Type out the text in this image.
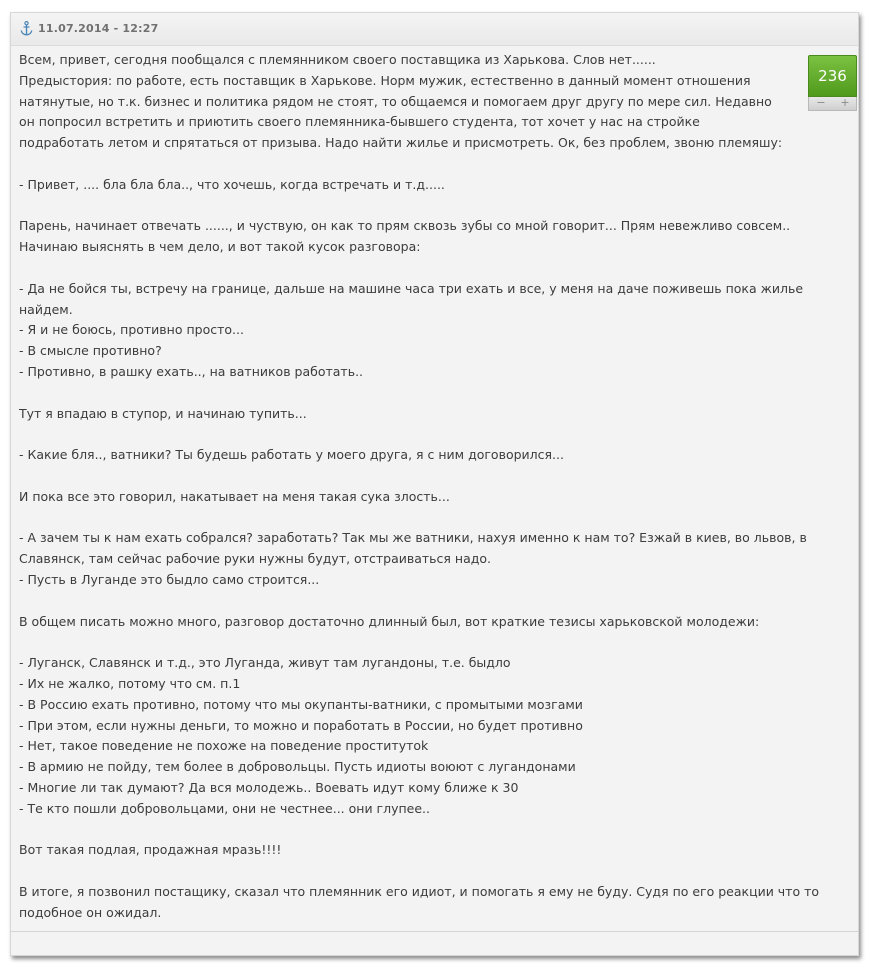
11.07.2014 - 12:27
236
−	+

Всем, привет, сегодня пообщался с племянником своего поставщика из Харькова. Слов нет......

Предыстория: по работе, есть поставщик в Харькове. Норм мужик, естественно в данный момент отношения

натянутые, но т.к. бизнес и политика рядом не стоят, то общаемся и помогаем друг другу по мере сил. Недавно

он попросил встретить и приютить своего племянника-бывшего студента, тот хочет у нас на стройке

подработать летом и спрятаться от призыва. Надо найти жилье и присмотреть. Ок, без проблем, звоню племяшу:

- Привет, .... бла бла бла.., что хочешь, когда встречать и т.д.....

Парень, начинает отвечать ......, и чуствую, он как то прям сквозь зубы со мной говорит... Прям невежливо совсем..

Начинаю выяснять в чем дело, и вот такой кусок разговора:

- Да не бойся ты, встречу на границе, дальше на машине часа три ехать и все, у меня на даче поживешь пока жилье

найдем.

- Я и не боюсь, противно просто...

- В смысле противно?

- Противно, в рашку ехать.., на ватников работать..

Тут я впадаю в ступор, и начинаю тупить...

- Какие бля.., ватники? Ты будешь работать у моего друга, я с ним договорился...

И пока все это говорил, накатывает на меня такая сука злость...

- А зачем ты к нам ехать собрался? заработать? Так мы же ватники, нахуя именно к нам то? Езжай в киев, во львов, в

Славянск, там сейчас рабочие руки нужны будут, отстраиваться надо.

- Пусть в Луганде это быдло само строится...

В общем писать можно много, разговор достаточно длинный был, вот краткие тезисы харьковской молодежи:

- Луганск, Славянск и т.д., это Луганда, живут там лугандоны, т.е. быдло

- Их не жалко, потому что см. п.1

- В Россию ехать противно, потому что мы окупанты-ватники, с промытыми мозгами

- При этом, если нужны деньги, то можно и поработать в России, но будет противно

- Нет, такое поведение не похоже на поведение проститутоk

- В армию не пойду, тем более в добровольцы. Пусть идиоты воюют с лугандонами

- Многие ли так думают? Да вся молодежь.. Воевать идут кому ближе к 30

- Те кто пошли добровольцами, они не честнее... они глупее..

Вот такая подлая, продажная мразь!!!!

В итоге, я позвонил постащику, сказал что племянник его идиот, и помогать я ему не буду. Судя по его реакции что то

подобное он ожидал.
